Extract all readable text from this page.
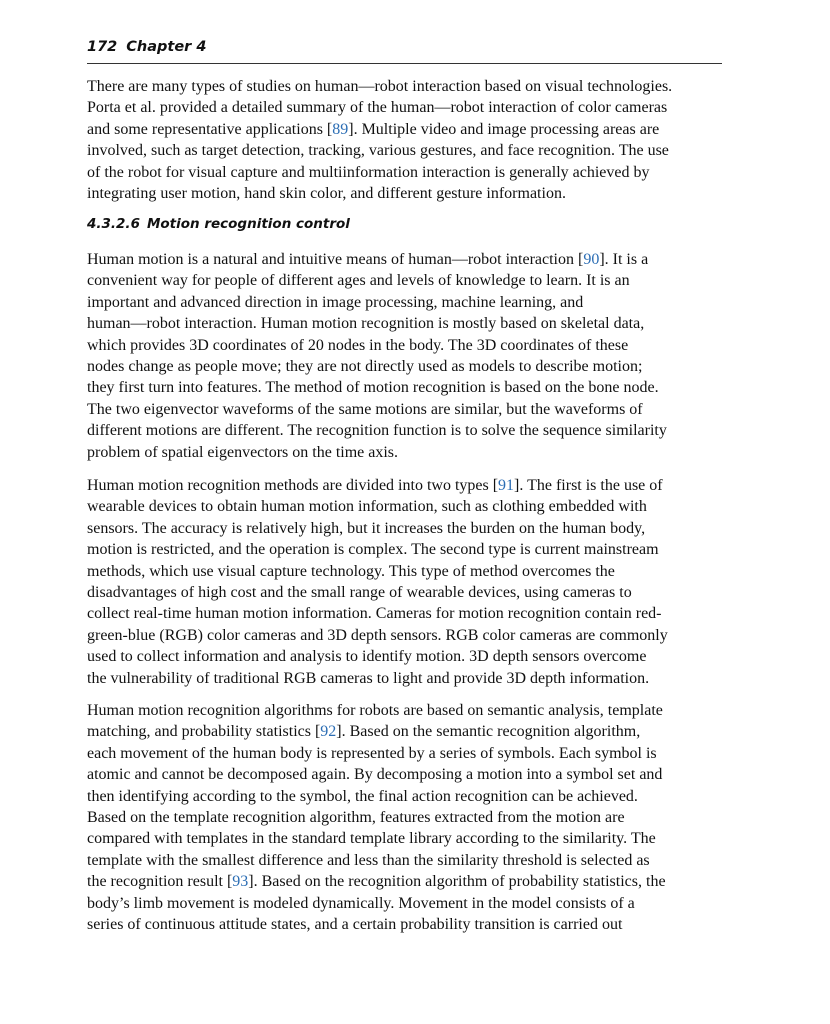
172 Chapter 4
There are many types of studies on human—robot interaction based on visual technologies.
Porta et al. provided a detailed summary of the human—robot interaction of color cameras
and some representative applications [89]. Multiple video and image processing areas are
involved, such as target detection, tracking, various gestures, and face recognition. The use
of the robot for visual capture and multiinformation interaction is generally achieved by
integrating user motion, hand skin color, and different gesture information.
4.3.2.6 Motion recognition control
Human motion is a natural and intuitive means of human—robot interaction [90]. It is a
convenient way for people of different ages and levels of knowledge to learn. It is an
important and advanced direction in image processing, machine learning, and
human—robot interaction. Human motion recognition is mostly based on skeletal data,
which provides 3D coordinates of 20 nodes in the body. The 3D coordinates of these
nodes change as people move; they are not directly used as models to describe motion;
they first turn into features. The method of motion recognition is based on the bone node.
The two eigenvector waveforms of the same motions are similar, but the waveforms of
different motions are different. The recognition function is to solve the sequence similarity
problem of spatial eigenvectors on the time axis.
Human motion recognition methods are divided into two types [91]. The first is the use of
wearable devices to obtain human motion information, such as clothing embedded with
sensors. The accuracy is relatively high, but it increases the burden on the human body,
motion is restricted, and the operation is complex. The second type is current mainstream
methods, which use visual capture technology. This type of method overcomes the
disadvantages of high cost and the small range of wearable devices, using cameras to
collect real-time human motion information. Cameras for motion recognition contain red-
green-blue (RGB) color cameras and 3D depth sensors. RGB color cameras are commonly
used to collect information and analysis to identify motion. 3D depth sensors overcome
the vulnerability of traditional RGB cameras to light and provide 3D depth information.
Human motion recognition algorithms for robots are based on semantic analysis, template
matching, and probability statistics [92]. Based on the semantic recognition algorithm,
each movement of the human body is represented by a series of symbols. Each symbol is
atomic and cannot be decomposed again. By decomposing a motion into a symbol set and
then identifying according to the symbol, the final action recognition can be achieved.
Based on the template recognition algorithm, features extracted from the motion are
compared with templates in the standard template library according to the similarity. The
template with the smallest difference and less than the similarity threshold is selected as
the recognition result [93]. Based on the recognition algorithm of probability statistics, the
body’s limb movement is modeled dynamically. Movement in the model consists of a
series of continuous attitude states, and a certain probability transition is carried out
